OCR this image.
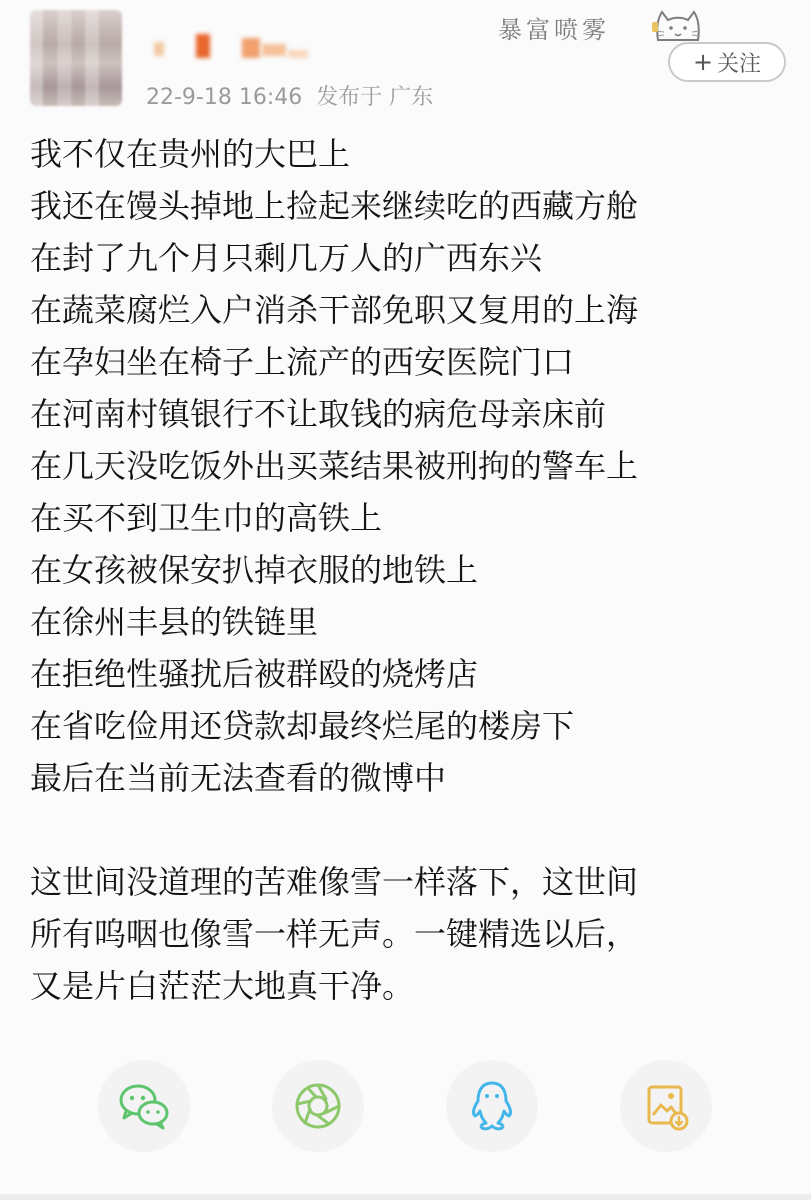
22-9-18 16:46 发布于 广东
暴富喷雾
+ 关注
我不仅在贵州的大巴上
我还在馒头掉地上捡起来继续吃的西藏方舱
在封了九个月只剩几万人的广西东兴
在蔬菜腐烂入户消杀干部免职又复用的上海
在孕妇坐在椅子上流产的西安医院门口
在河南村镇银行不让取钱的病危母亲床前
在几天没吃饭外出买菜结果被刑拘的警车上
在买不到卫生巾的高铁上
在女孩被保安扒掉衣服的地铁上
在徐州丰县的铁链里
在拒绝性骚扰后被群殴的烧烤店
在省吃俭用还贷款却最终烂尾的楼房下
最后在当前无法查看的微博中
这世间没道理的苦难像雪一样落下，这世间
所有呜咽也像雪一样无声。一键精选以后，
又是片白茫茫大地真干净。
